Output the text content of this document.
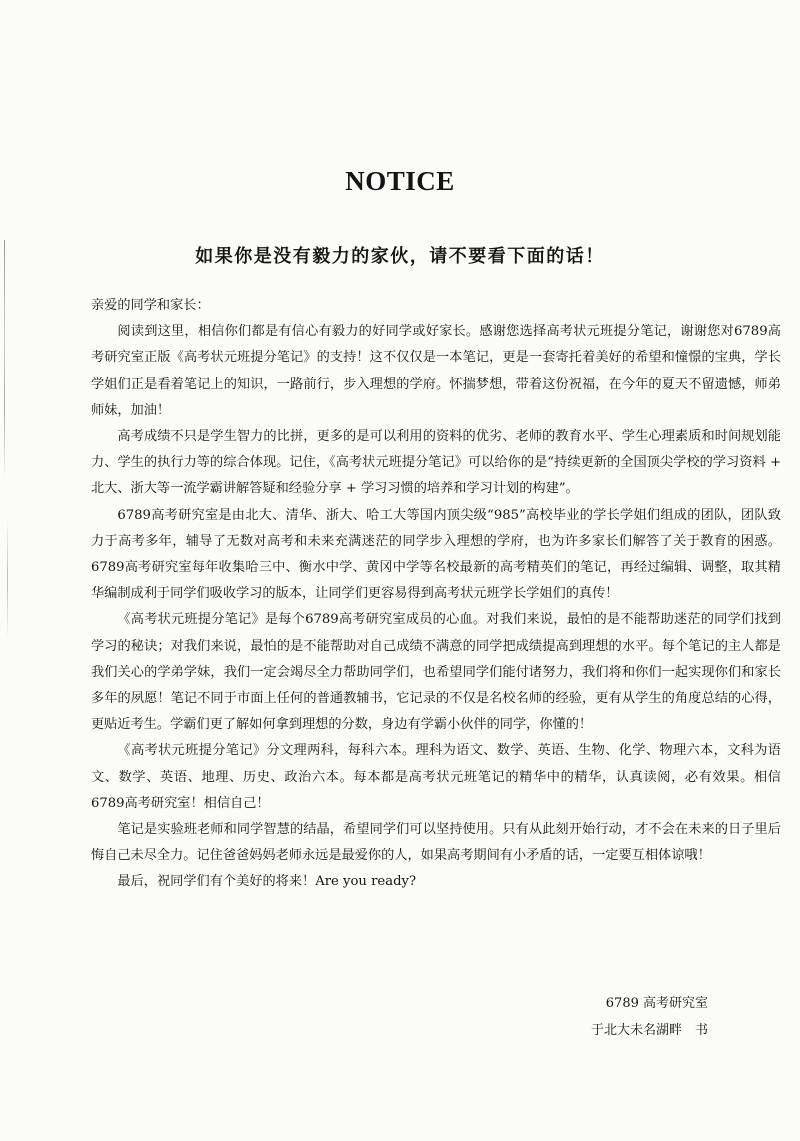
NOTICE
如果你是没有毅力的家伙，请不要看下面的话！

亲爱的同学和家长：

阅读到这里，相信你们都是有信心有毅力的好同学或好家长。感谢您选择高考状元班提分笔记，谢谢您对6789高考研究室正版《高考状元班提分笔记》的支持！这不仅仅是一本笔记，更是一套寄托着美好的希望和憧憬的宝典，学长学姐们正是看着笔记上的知识，一路前行，步入理想的学府。怀揣梦想，带着这份祝福，在今年的夏天不留遗憾，师弟师妹，加油！

高考成绩不只是学生智力的比拼，更多的是可以利用的资料的优劣、老师的教育水平、学生心理素质和时间规划能力、学生的执行力等的综合体现。记住，《高考状元班提分笔记》可以给你的是“持续更新的全国顶尖学校的学习资料 + 北大、浙大等一流学霸讲解答疑和经验分享 + 学习习惯的培养和学习计划的构建”。

6789高考研究室是由北大、清华、浙大、哈工大等国内顶尖级“985”高校毕业的学长学姐们组成的团队，团队致力于高考多年，辅导了无数对高考和未来充满迷茫的同学步入理想的学府，也为许多家长们解答了关于教育的困惑。6789高考研究室每年收集哈三中、衡水中学、黄冈中学等名校最新的高考精英们的笔记，再经过编辑、调整，取其精华编制成利于同学们吸收学习的版本，让同学们更容易得到高考状元班学长学姐们的真传！

《高考状元班提分笔记》是每个6789高考研究室成员的心血。对我们来说，最怕的是不能帮助迷茫的同学们找到学习的秘诀；对我们来说，最怕的是不能帮助对自己成绩不满意的同学把成绩提高到理想的水平。每个笔记的主人都是我们关心的学弟学妹，我们一定会竭尽全力帮助同学们，也希望同学们能付诸努力，我们将和你们一起实现你们和家长多年的夙愿！笔记不同于市面上任何的普通教辅书，它记录的不仅是名校名师的经验，更有从学生的角度总结的心得，更贴近考生。学霸们更了解如何拿到理想的分数，身边有学霸小伙伴的同学，你懂的！

《高考状元班提分笔记》分文理两科，每科六本。理科为语文、数学、英语、生物、化学、物理六本，文科为语文、数学、英语、地理、历史、政治六本。每本都是高考状元班笔记的精华中的精华，认真读阅，必有效果。相信6789高考研究室！相信自己！

笔记是实验班老师和同学智慧的结晶，希望同学们可以坚持使用。只有从此刻开始行动，才不会在未来的日子里后悔自己未尽全力。记住爸爸妈妈老师永远是最爱你的人，如果高考期间有小矛盾的话，一定要互相体谅哦！

最后，祝同学们有个美好的将来！Are you ready?

6789 高考研究室
于北大未名湖畔　书
